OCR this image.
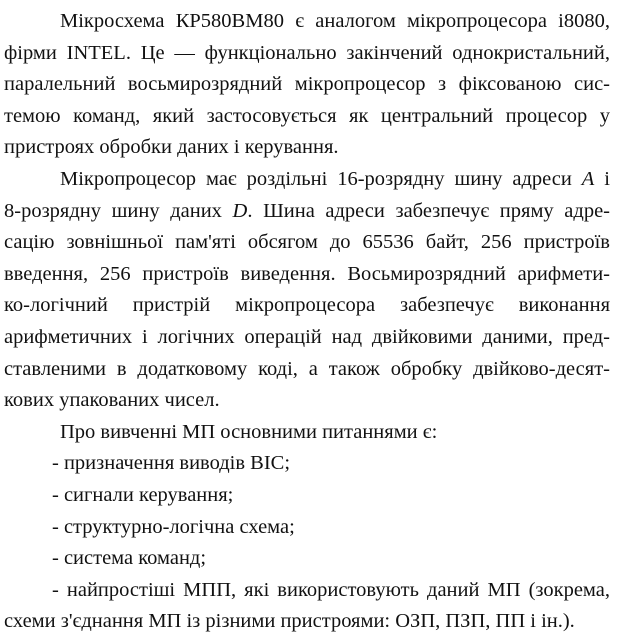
Мікросхема КР580ВМ80 є аналогом мікропроцесора i8080,
фірми INTEL. Це — функціонально закінчений однокристальний,
паралельний восьмирозрядний мікропроцесор з фіксованою сис-
темою команд, який застосовується як центральний процесор у
пристроях обробки даних і керування.
Мікропроцесор має роздільні 16-розрядну шину адреси A і
8-розрядну шину даних D. Шина адреси забезпечує пряму адре-
сацію зовнішньої пам'яті обсягом до 65536 байт, 256 пристроїв
введення, 256 пристроїв виведення. Восьмирозрядний арифмети-
ко-логічний пристрій мікропроцесора забезпечує виконання
арифметичних і логічних операцій над двійковими даними, пред-
ставленими в додатковому коді, а також обробку двійково-десят-
кових упакованих чисел.
Про вивченні МП основними питаннями є:
- призначення виводів ВІС;
- сигнали керування;
- структурно-логічна схема;
- система команд;
- найпростіші МПП, які використовують даний МП (зокрема,
схеми з'єднання МП із різними пристроями: ОЗП, ПЗП, ПП і ін.).
